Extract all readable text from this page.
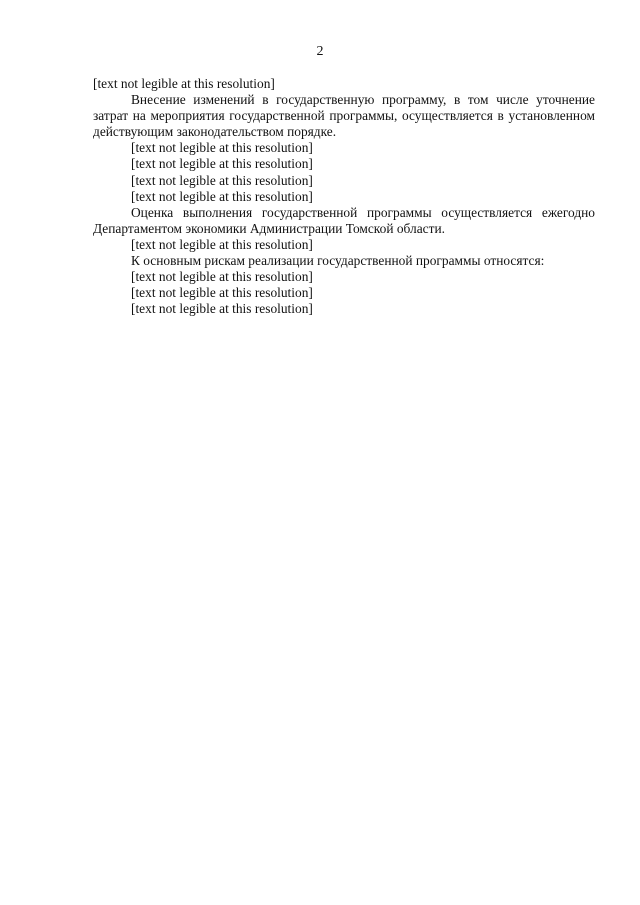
2

[text not legible at this resolution]

Внесение изменений в государственную программу, в том числе уточнение затрат на мероприятия государственной программы, осуществляется в установленном действующим законодательством порядке.

[text not legible at this resolution]

[text not legible at this resolution]

[text not legible at this resolution]

[text not legible at this resolution]

Оценка выполнения государственной программы осуществляется ежегодно Департаментом экономики Администрации Томской области.

[text not legible at this resolution]

К основным рискам реализации государственной программы относятся:

[text not legible at this resolution]

[text not legible at this resolution]

[text not legible at this resolution]
